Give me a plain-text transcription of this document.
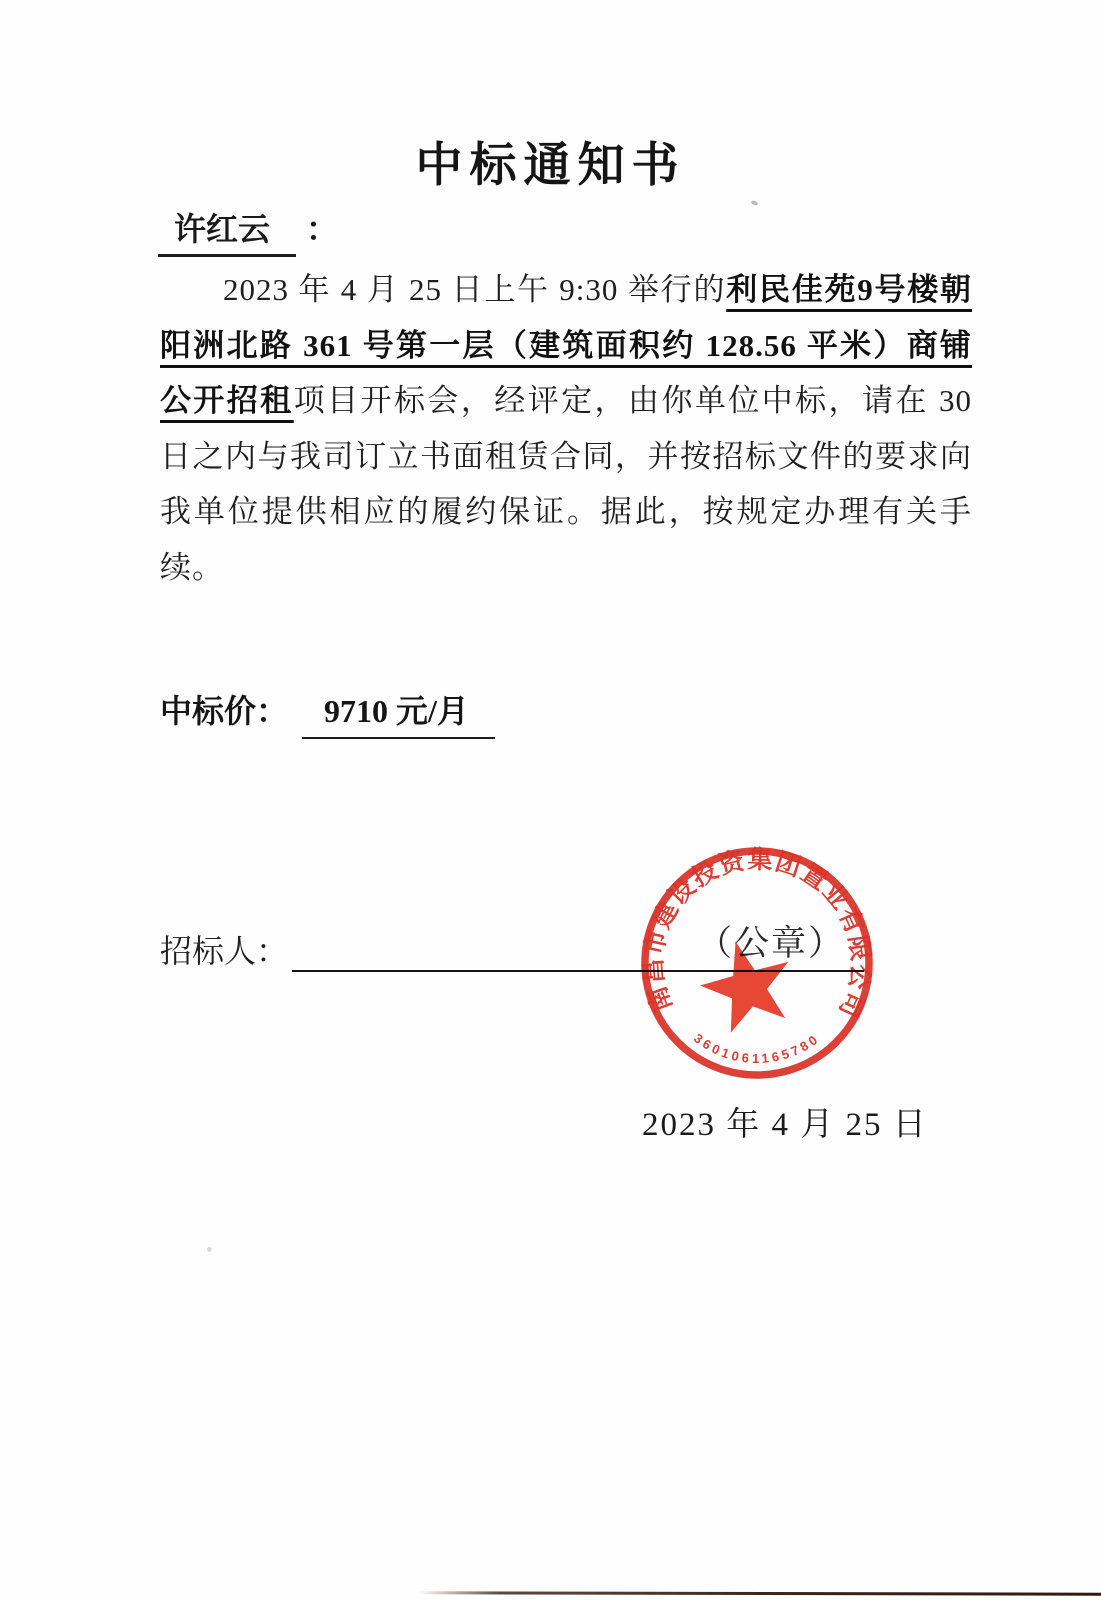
中标通知书
许红云 ：

2023 年 4 月 25 日上午 9:30 举行的利民佳苑9号楼朝阳洲北路 361 号第一层（建筑面积约 128.56 平米）商铺公开招租项目开标会，经评定，由你单位中标，请在 30 日之内与我司订立书面租赁合同，并按招标文件的要求向我单位提供相应的履约保证。据此，按规定办理有关手续。

中标价： 9710 元/月
招标人：	（公章）
南昌市建设投资集团置业有限公司
3601061165780
2023 年 4 月 25 日
